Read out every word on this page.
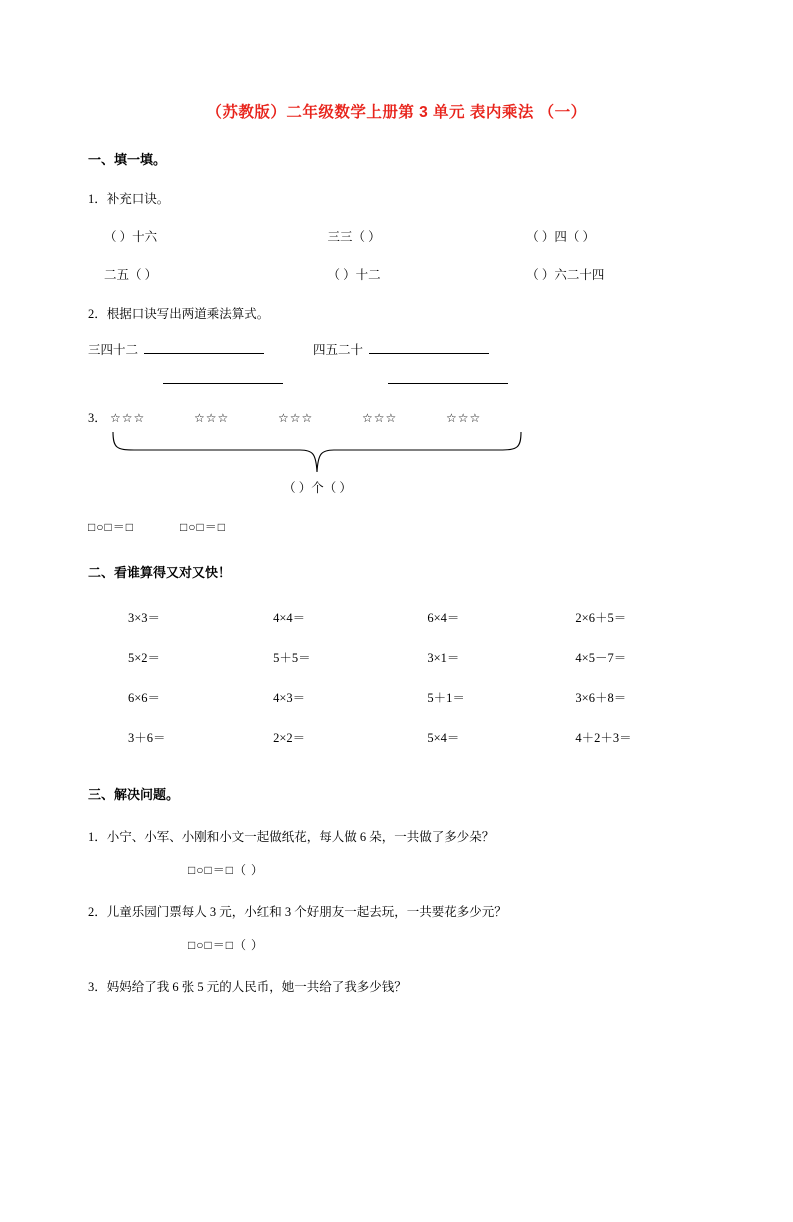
（苏教版）二年级数学上册第 3 单元 表内乘法 （一）
一、填一填。
1．补充口诀。
（ ）十六	三三（ ）	（ ）四（ ）
二五（ ）	（ ）十二	（ ）六二十四
2．根据口诀写出两道乘法算式。
三四十二	四五二十
3． ☆☆☆	☆☆☆	☆☆☆	☆☆☆	☆☆☆
（ ）个（ ）
□○□＝□	□○□＝□
二、看谁算得又对又快！
3×3＝	4×4＝	6×4＝	2×6＋5＝
5×2＝	5＋5＝	3×1＝	4×5－7＝
6×6＝	4×3＝	5＋1＝	3×6＋8＝
3＋6＝	2×2＝	5×4＝	4＋2＋3＝
三、解决问题。
1．小宁、小军、小刚和小文一起做纸花，每人做 6 朵，一共做了多少朵？
□○□＝□（ ）
2．儿童乐园门票每人 3 元，小红和 3 个好朋友一起去玩，一共要花多少元？
□○□＝□（ ）
3．妈妈给了我 6 张 5 元的人民币，她一共给了我多少钱？
